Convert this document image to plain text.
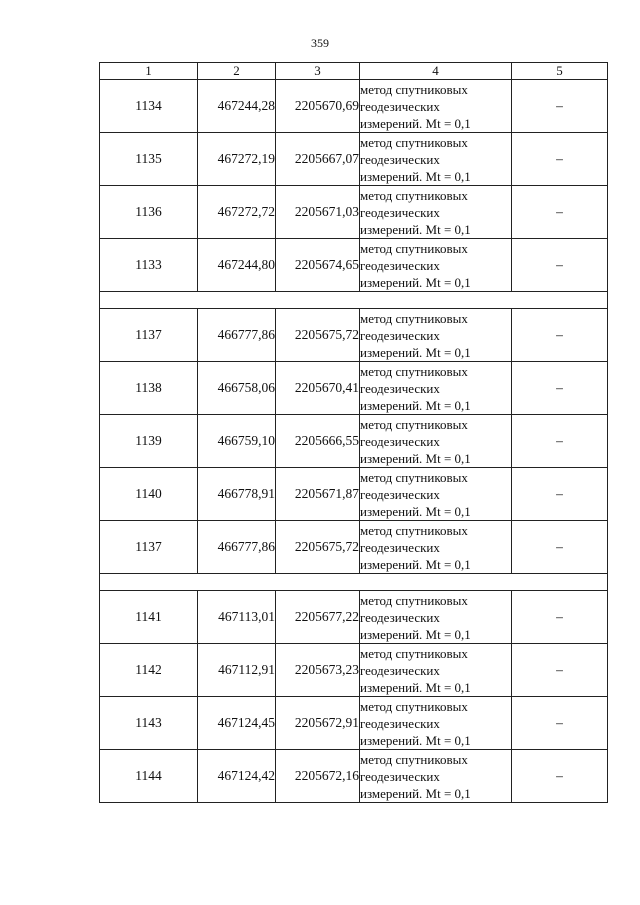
359
1	2	3	4	5
1134	467244,28	2205670,69	метод спутниковых
геодезических
измерений. Mt = 0,1	–
1135	467272,19	2205667,07	метод спутниковых
геодезических
измерений. Mt = 0,1	–
1136	467272,72	2205671,03	метод спутниковых
геодезических
измерений. Mt = 0,1	–
1133	467244,80	2205674,65	метод спутниковых
геодезических
измерений. Mt = 0,1	–

1137	466777,86	2205675,72	метод спутниковых
геодезических
измерений. Mt = 0,1	–
1138	466758,06	2205670,41	метод спутниковых
геодезических
измерений. Mt = 0,1	–
1139	466759,10	2205666,55	метод спутниковых
геодезических
измерений. Mt = 0,1	–
1140	466778,91	2205671,87	метод спутниковых
геодезических
измерений. Mt = 0,1	–
1137	466777,86	2205675,72	метод спутниковых
геодезических
измерений. Mt = 0,1	–

1141	467113,01	2205677,22	метод спутниковых
геодезических
измерений. Mt = 0,1	–
1142	467112,91	2205673,23	метод спутниковых
геодезических
измерений. Mt = 0,1	–
1143	467124,45	2205672,91	метод спутниковых
геодезических
измерений. Mt = 0,1	–
1144	467124,42	2205672,16	метод спутниковых
геодезических
измерений. Mt = 0,1	–
